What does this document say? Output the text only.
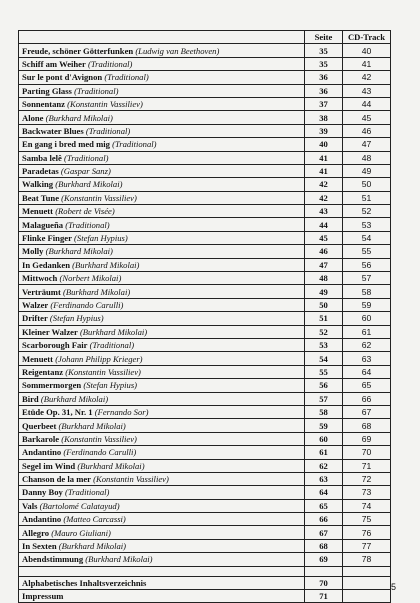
	Seite	CD-Track
Freude, schöner Götterfunken (Ludwig van Beethoven)	35	40
Schiff am Weiher (Traditional)	35	41
Sur le pont d'Avignon (Traditional)	36	42
Parting Glass (Traditional)	36	43
Sonnentanz (Konstantin Vassiliev)	37	44
Alone (Burkhard Mikolai)	38	45
Backwater Blues (Traditional)	39	46
En gang i bred med mig (Traditional)	40	47
Samba lelê (Traditional)	41	48
Paradetas (Gaspar Sanz)	41	49
Walking (Burkhard Mikolai)	42	50
Beat Tune (Konstantin Vassiliev)	42	51
Menuett (Robert de Visée)	43	52
Malagueña (Traditional)	44	53
Flinke Finger (Stefan Hypius)	45	54
Molly (Burkhard Mikolai)	46	55
In Gedanken (Burkhard Mikolai)	47	56
Mittwoch (Norbert Mikolai)	48	57
Verträumt (Burkhard Mikolai)	49	58
Walzer (Ferdinando Carulli)	50	59
Drifter (Stefan Hypius)	51	60
Kleiner Walzer (Burkhard Mikolai)	52	61
Scarborough Fair (Traditional)	53	62
Menuett (Johann Philipp Krieger)	54	63
Reigentanz (Konstantin Vassiliev)	55	64
Sommermorgen (Stefan Hypius)	56	65
Bird (Burkhard Mikolai)	57	66
Etüde Op. 31, Nr. 1 (Fernando Sor)	58	67
Querbeet (Burkhard Mikolai)	59	68
Barkarole (Konstantin Vassiliev)	60	69
Andantino (Ferdinando Carulli)	61	70
Segel im Wind (Burkhard Mikolai)	62	71
Chanson de la mer (Konstantin Vassiliev)	63	72
Danny Boy (Traditional)	64	73
Vals (Bartolomé Calatayud)	65	74
Andantino (Matteo Carcassi)	66	75
Allegro (Mauro Giuliani)	67	76
In Sexten (Burkhard Mikolai)	68	77
Abendstimmung (Burkhard Mikolai)	69	78

Alphabetisches Inhaltsverzeichnis	70	
Impressum	71	
5
